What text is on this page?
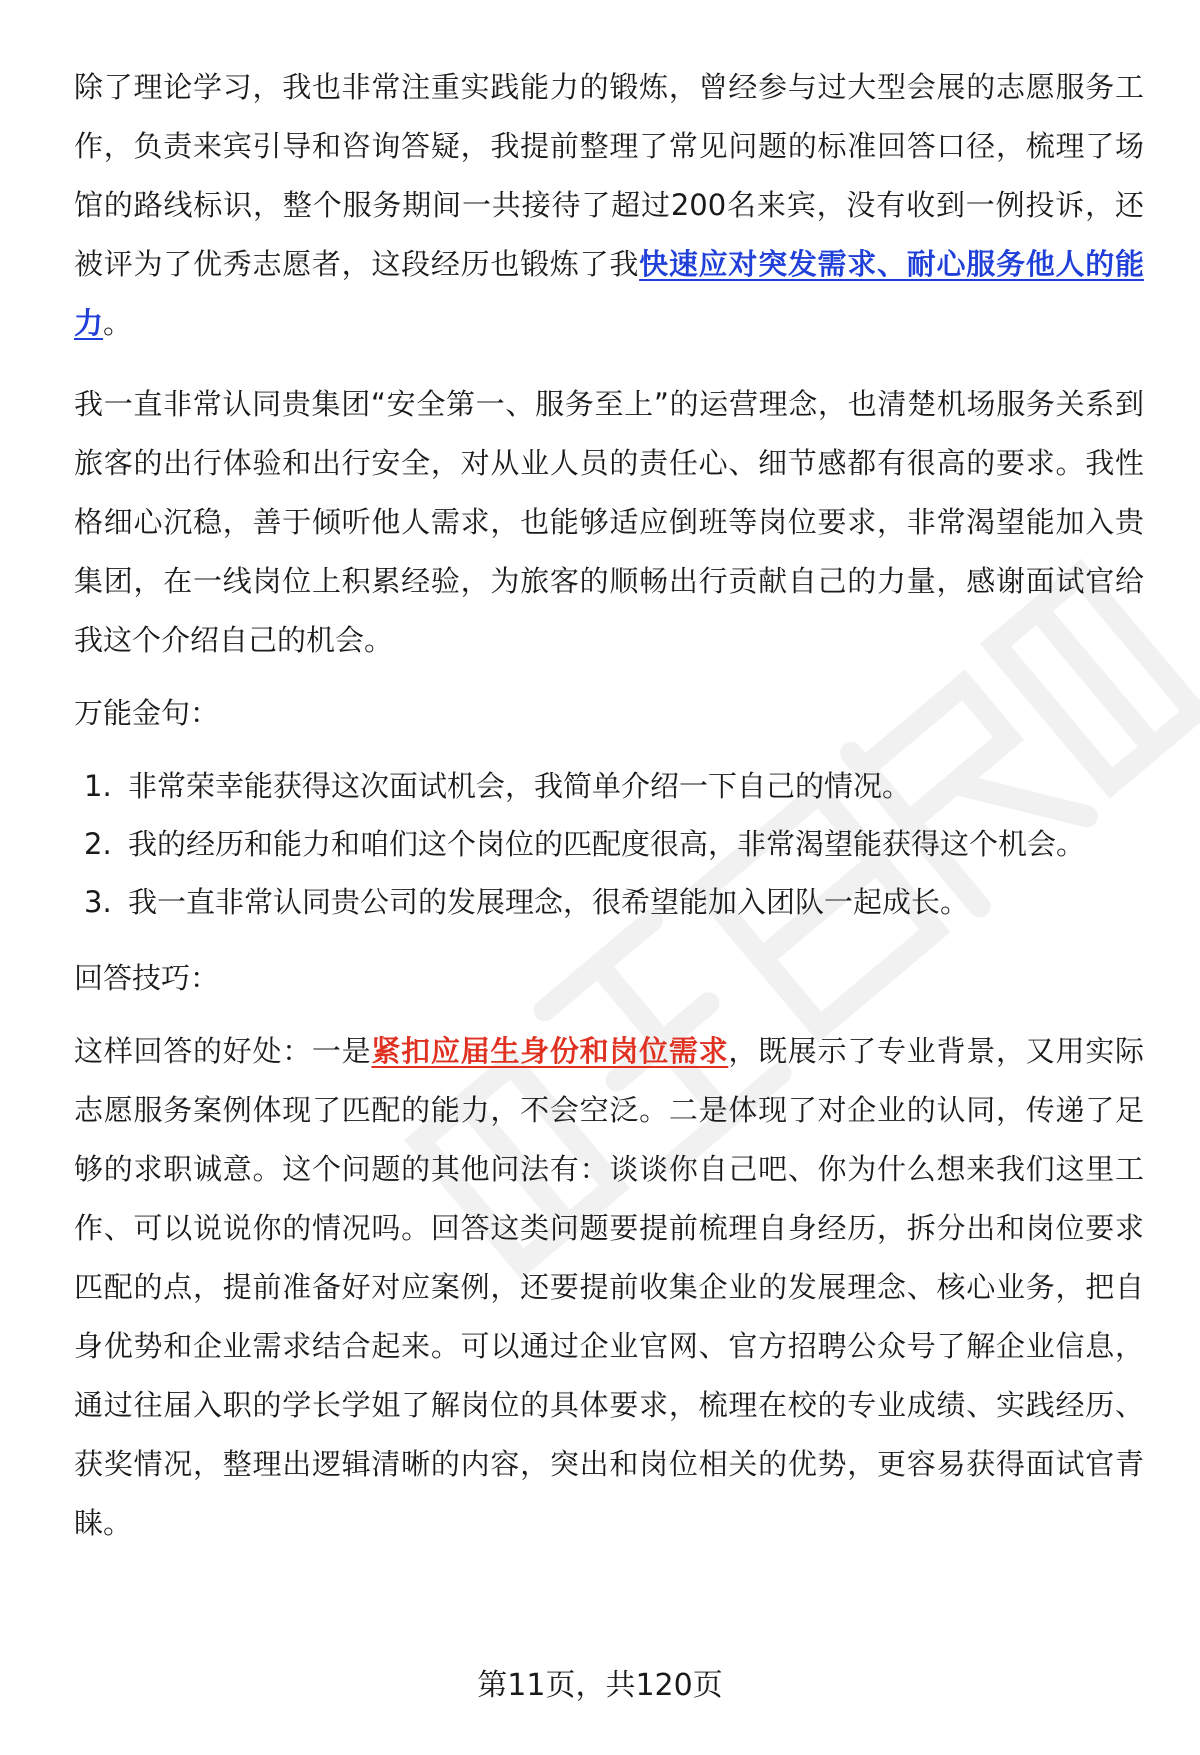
除了理论学习，我也非常注重实践能力的锻炼，曾经参与过大型会展的志愿服务工作，负责来宾引导和咨询答疑，我提前整理了常见问题的标准回答口径，梳理了场馆的路线标识，整个服务期间一共接待了超过200名来宾，没有收到一例投诉，还被评为了优秀志愿者，这段经历也锻炼了我快速应对突发需求、耐心服务他人的能力。

我一直非常认同贵集团“安全第一、服务至上”的运营理念，也清楚机场服务关系到旅客的出行体验和出行安全，对从业人员的责任心、细节感都有很高的要求。我性格细心沉稳，善于倾听他人需求，也能够适应倒班等岗位要求，非常渴望能加入贵集团，在一线岗位上积累经验，为旅客的顺畅出行贡献自己的力量，感谢面试官给我这个介绍自己的机会。

万能金句：

1. 非常荣幸能获得这次面试机会，我简单介绍一下自己的情况。
2. 我的经历和能力和咱们这个岗位的匹配度很高，非常渴望能获得这个机会。
3. 我一直非常认同贵公司的发展理念，很希望能加入团队一起成长。

回答技巧：

这样回答的好处：一是紧扣应届生身份和岗位需求，既展示了专业背景，又用实际志愿服务案例体现了匹配的能力，不会空泛。二是体现了对企业的认同，传递了足够的求职诚意。这个问题的其他问法有：谈谈你自己吧、你为什么想来我们这里工作、可以说说你的情况吗。回答这类问题要提前梳理自身经历，拆分出和岗位要求匹配的点，提前准备好对应案例，还要提前收集企业的发展理念、核心业务，把自身优势和企业需求结合起来。可以通过企业官网、官方招聘公众号了解企业信息，通过往届入职的学长学姐了解岗位的具体要求，梳理在校的专业成绩、实践经历、获奖情况，整理出逻辑清晰的内容，突出和岗位相关的优势，更容易获得面试官青睐。

第11页，共120页
